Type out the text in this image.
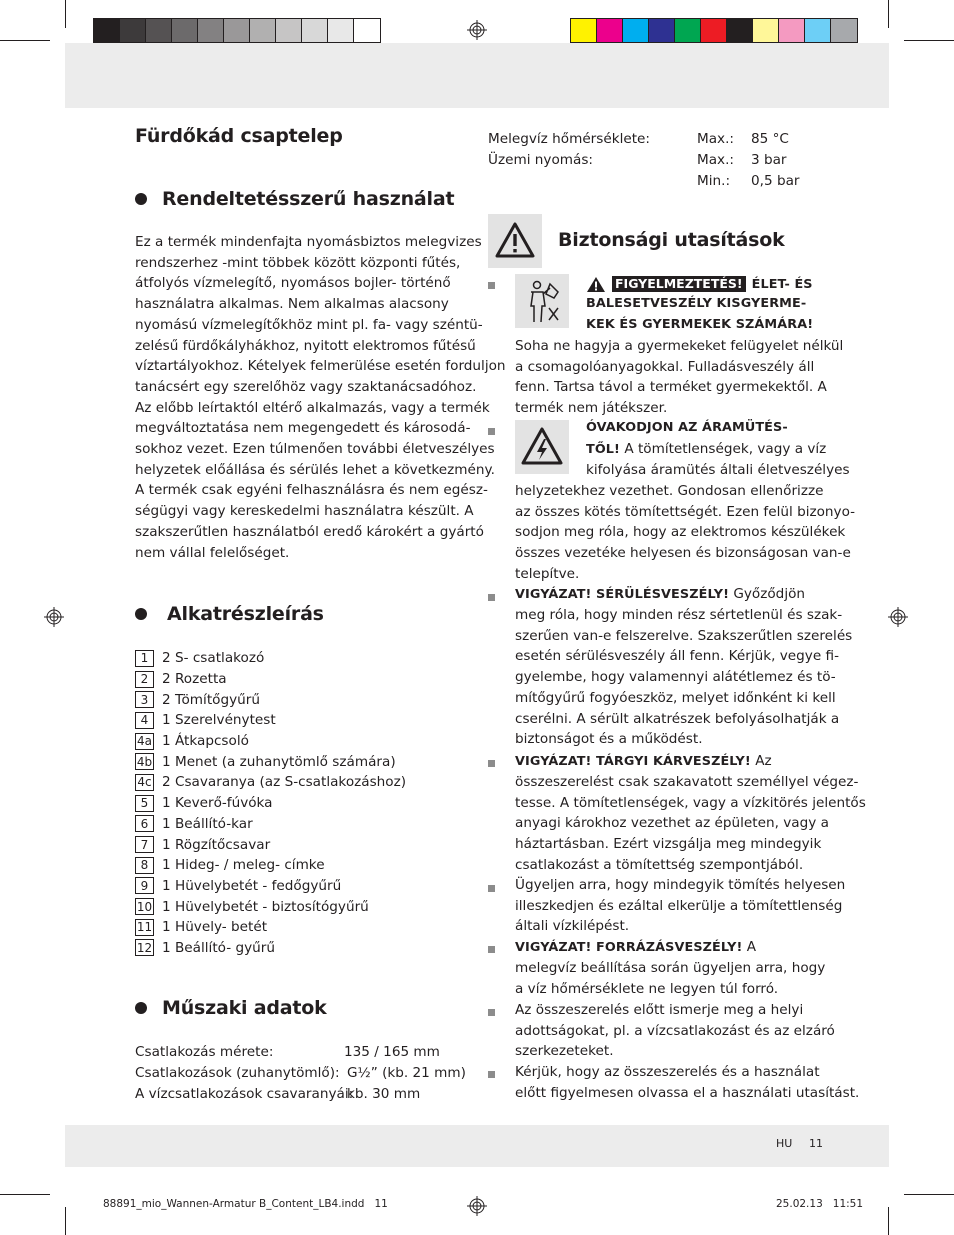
Fürdőkád csaptelep
Rendeltetésszerű használat
Ez a termék mindenfajta nyomásbiztos melegvizes
rendszerhez -mint többek között központi fűtés,
átfolyós vízmelegítő, nyomásos bojler- történő
használatra alkalmas. Nem alkalmas alacsony
nyomású vízmelegítőkhöz mint pl. fa- vagy széntü-
zelésű fürdőkályhákhoz, nyitott elektromos fűtésű
víztartályokhoz. Kételyek felmerülése esetén forduljon
tanácsért egy szerelőhöz vagy szaktanácsadóhoz.
Az előbb leírtaktól eltérő alkalmazás, vagy a termék
megváltoztatása nem megengedett és károsodá-
sokhoz vezet. Ezen túlmenően további életveszélyes
helyzetek előállása és sérülés lehet a következmény.
A termék csak egyéni felhasználásra és nem egész-
ségügyi vagy kereskedelmi használatra készült. A
szakszerűtlen használatból eredő károkért a gyártó
nem vállal felelőséget.
Alkatrészleírás
1	2 S- csatlakozó
2	2 Rozetta
3	2 Tömítőgyűrű
4	1 Szerelvénytest
4a 1 Átkapcsoló
4b 1 Menet (a zuhanytömlő számára)
4c 2 Csavaranya (az S-csatlakozáshoz)
5	1 Keverő-fúvóka
6	1 Beállító-kar
7	1 Rögzítőcsavar
8	1 Hideg- / meleg- címke
9	1 Hüvelybetét - fedőgyűrű
10 1 Hüvelybetét - biztosítógyűrű
11 1 Hüvely- betét
12 1 Beállító- gyűrű
Műszaki adatok
Csatlakozás mérete:	135 / 165 mm
Csatlakozások (zuhanytömlő): G½” (kb. 21 mm)
A vízcsatlakozások csavaranyái:
kb. 30 mm
Melegvíz hőmérséklete:	Max.: 85 °C
Üzemi nyomás:	Max.: 3 bar
Min.: 0,5 bar
Biztonsági utasítások
FIGYELMEZTETÉS! ÉLET- ÉS
BALESETVESZÉLY KISGYERME-
KEK ÉS GYERMEKEK SZÁMÁRA!
Soha ne hagyja a gyermekeket felügyelet nélkül
a csomagolóanyagokkal. Fulladásveszély áll
fenn. Tartsa távol a terméket gyermekektől. A
termék nem játékszer.
ÓVAKODJON AZ ÁRAMÜTÉS-
TŐL! A tömítetlenségek, vagy a víz
kifolyása áramütés általi életveszélyes
helyzetekhez vezethet. Gondosan ellenőrizze
az összes kötés tömítettségét. Ezen felül bizonyo-
sodjon meg róla, hogy az elektromos készülékek
összes vezetéke helyesen és bizonságosan van-e
telepítve.
VIGYÁZAT! SÉRÜLÉSVESZÉLY! Győződjön
meg róla, hogy minden rész sértetlenül és szak-
szerűen van-e felszerelve. Szakszerűtlen szerelés
esetén sérülésveszély áll fenn. Kérjük, vegye fi-
gyelembe, hogy valamennyi alátétlemez és tö-
mítőgyűrű fogyóeszköz, melyet időnként ki kell
cserélni. A sérült alkatrészek befolyásolhatják a
biztonságot és a működést.
VIGYÁZAT! TÁRGYI KÁRVESZÉLY! Az
összeszerelést csak szakavatott személlyel végez-
tesse. A tömítetlenségek, vagy a vízkitörés jelentős
anyagi károkhoz vezethet az épületen, vagy a
háztartásban. Ezért vizsgálja meg mindegyik
csatlakozást a tömítettség szempontjából.
Ügyeljen arra, hogy mindegyik tömítés helyesen
illeszkedjen és ezáltal elkerülje a tömítettlenség
általi vízkilépést.
VIGYÁZAT! FORRÁZÁSVESZÉLY! A
melegvíz beállítása során ügyeljen arra, hogy
a víz hőmérséklete ne legyen túl forró.
Az összeszerelés előtt ismerje meg a helyi
adottságokat, pl. a vízcsatlakozást és az elzáró
szerkezeteket.
Kérjük, hogy az összeszerelés és a használat
előtt figyelmesen olvassa el a használati utasítást.
HU 11
88891_mio_Wannen-Armatur B_Content_LB4.indd   11	25.02.13   11:51
